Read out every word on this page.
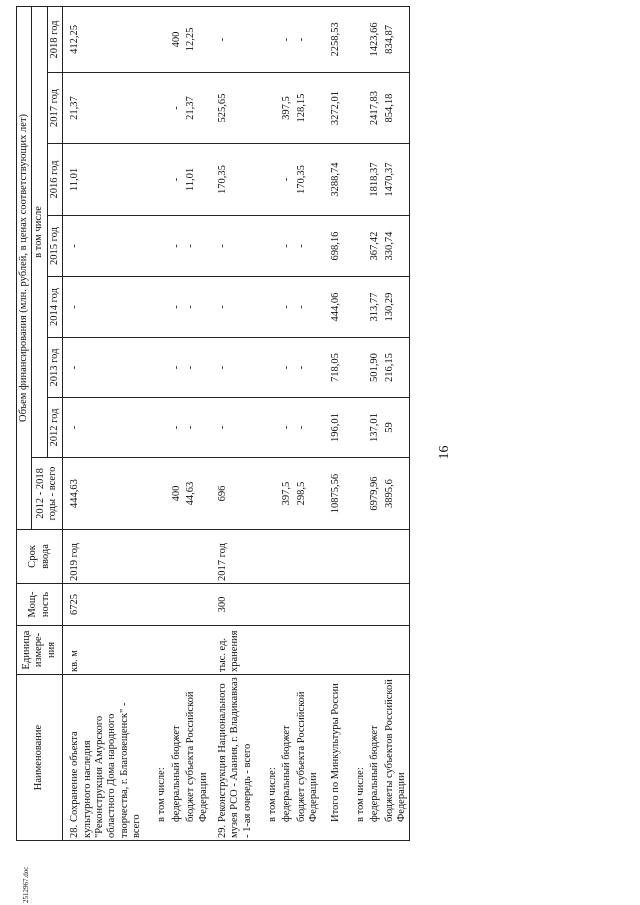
16
2512967.doc
Наименование	Единица измере-ния	Мощ-ность	Срок ввода	Объем финансирования (млн. рублей, в ценах соответствующих лет)							
				2012 - 2018 годы - всего	в том числе						
					2012 год	2013 год	2014 год	2015 год	2016 год	2017 год	2018 год
28.Сохранение объекта культурного наследия "Реконструкция Амурского областного Дома народного творчества, г. Благовещенск" - всего	кв. м	6725	2019 год	444,63	-	-	-	-	11,01	21,37	412,25
в том числе:											
федеральный бюджет				400	-	-	-	-	-	-	400
бюджет субъекта Российской Федерации				44,63	-	-	-	-	11,01	21,37	12,25
29.Реконструкция Национального музея РСО - Алания, г. Владикавказ - 1-ая очередь - всего	тыс. ед. хранения	300	2017 год	696	-	-	-	-	170,35	525,65	-
в том числе:											
федеральный бюджет				397,5	-	-	-	-	-	397,5	-
бюджет субъекта Российской Федерации				298,5	-	-	-	-	170,35	128,15	-
Итого по Минкультуры России				10875,56	196,01	718,05	444,06	698,16	3288,74	3272,01	2258,53
в том числе:											
федеральный бюджет				6979,96	137,01	501,90	313,77	367,42	1818,37	2417,83	1423,66
бюджеты субъектов Российской Федерации				3895,6	59	216,15	130,29	330,74	1470,37	854,18	834,87
